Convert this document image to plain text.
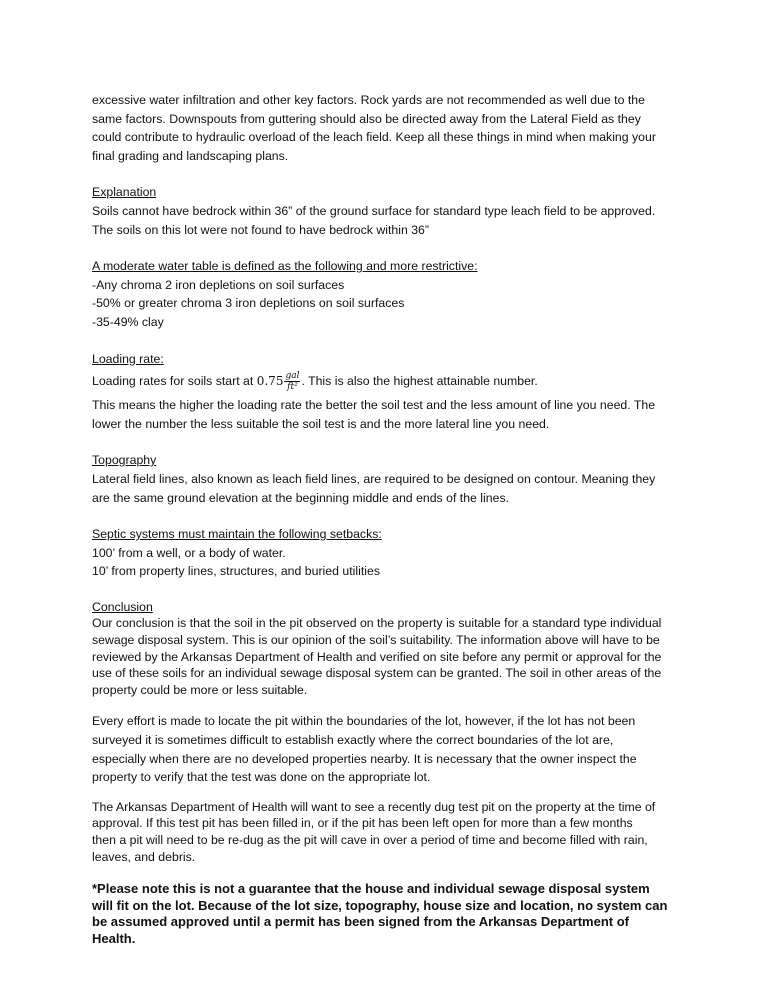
excessive water infiltration and other key factors. Rock yards are not recommended as well due to the
same factors. Downspouts from guttering should also be directed away from the Lateral Field as they
could contribute to hydraulic overload of the leach field. Keep all these things in mind when making your
final grading and landscaping plans.
Explanation
Soils cannot have bedrock within 36” of the ground surface for standard type leach field to be approved.
The soils on this lot were not found to have bedrock within 36”
A moderate water table is defined as the following and more restrictive:
-Any chroma 2 iron depletions on soil surfaces
-50% or greater chroma 3 iron depletions on soil surfaces
-35-49% clay
Loading rate:
Loading rates for soils start at $0.75 \frac{\text{gal}}{\text{ft²}}$ . This is also the highest attainable number.
This means the higher the loading rate the better the soil test and the less amount of line you need. The
lower the number the less suitable the soil test is and the more lateral line you need.
Topography
Lateral field lines, also known as leach field lines, are required to be designed on contour. Meaning they
are the same ground elevation at the beginning middle and ends of the lines.
Septic systems must maintain the following setbacks:
100’ from a well, or a body of water.
10’ from property lines, structures, and buried utilities
Conclusion
Our conclusion is that the soil in the pit observed on the property is suitable for a standard type individual
sewage disposal system. This is our opinion of the soil’s suitability. The information above will have to be
reviewed by the Arkansas Department of Health and verified on site before any permit or approval for the
use of these soils for an individual sewage disposal system can be granted. The soil in other areas of the
property could be more or less suitable.
Every effort is made to locate the pit within the boundaries of the lot, however, if the lot has not been
surveyed it is sometimes difficult to establish exactly where the correct boundaries of the lot are,
especially when there are no developed properties nearby. It is necessary that the owner inspect the
property to verify that the test was done on the appropriate lot.
The Arkansas Department of Health will want to see a recently dug test pit on the property at the time of
approval. If this test pit has been filled in, or if the pit has been left open for more than a few months
then a pit will need to be re-dug as the pit will cave in over a period of time and become filled with rain,
leaves, and debris.
*Please note this is not a guarantee that the house and individual sewage disposal system
will fit on the lot. Because of the lot size, topography, house size and location, no system can
be assumed approved until a permit has been signed from the Arkansas Department of
Health.
